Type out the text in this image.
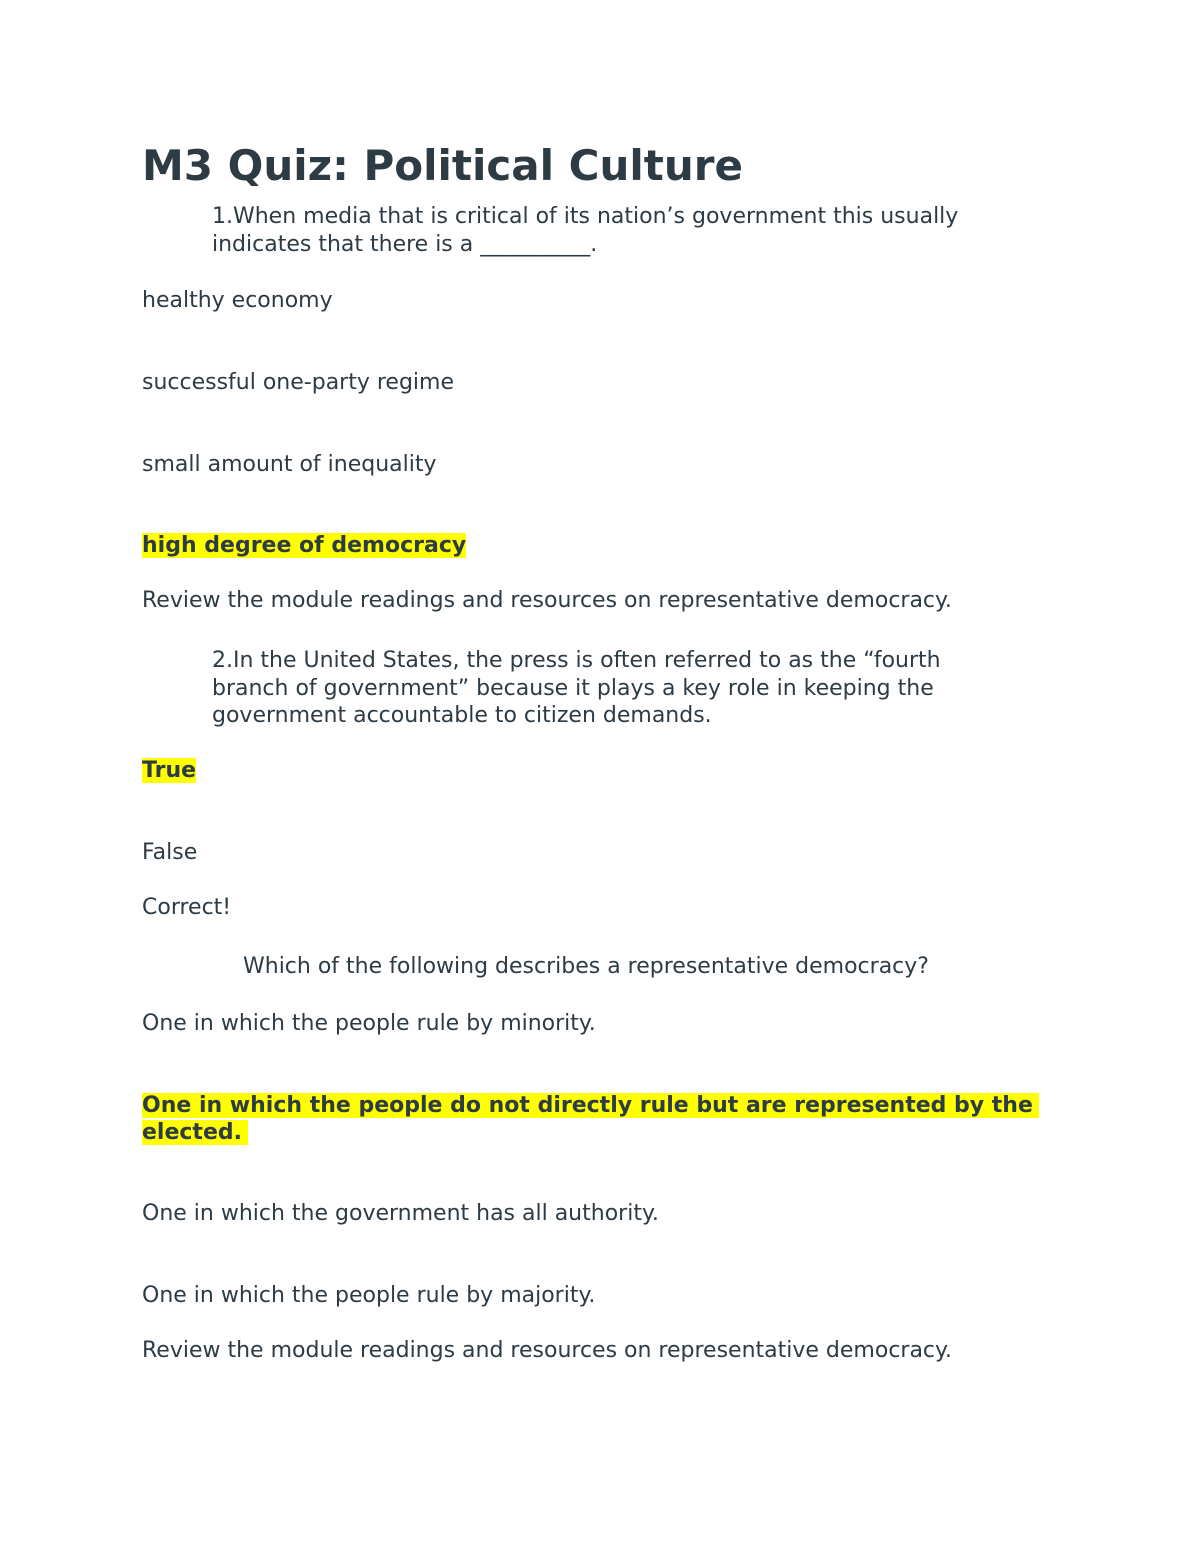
M3 Quiz: Political Culture

1.When media that is critical of its nation’s government this usually indicates that there is a __________.

healthy economy

successful one-party regime

small amount of inequality

high degree of democracy

Review the module readings and resources on representative democracy.

2.In the United States, the press is often referred to as the “fourth branch of government” because it plays a key role in keeping the government accountable to citizen demands.

True

False

Correct!

Which of the following describes a representative democracy?

One in which the people rule by minority.

One in which the people do not directly rule but are represented by the elected.

One in which the government has all authority.

One in which the people rule by majority.

Review the module readings and resources on representative democracy.
